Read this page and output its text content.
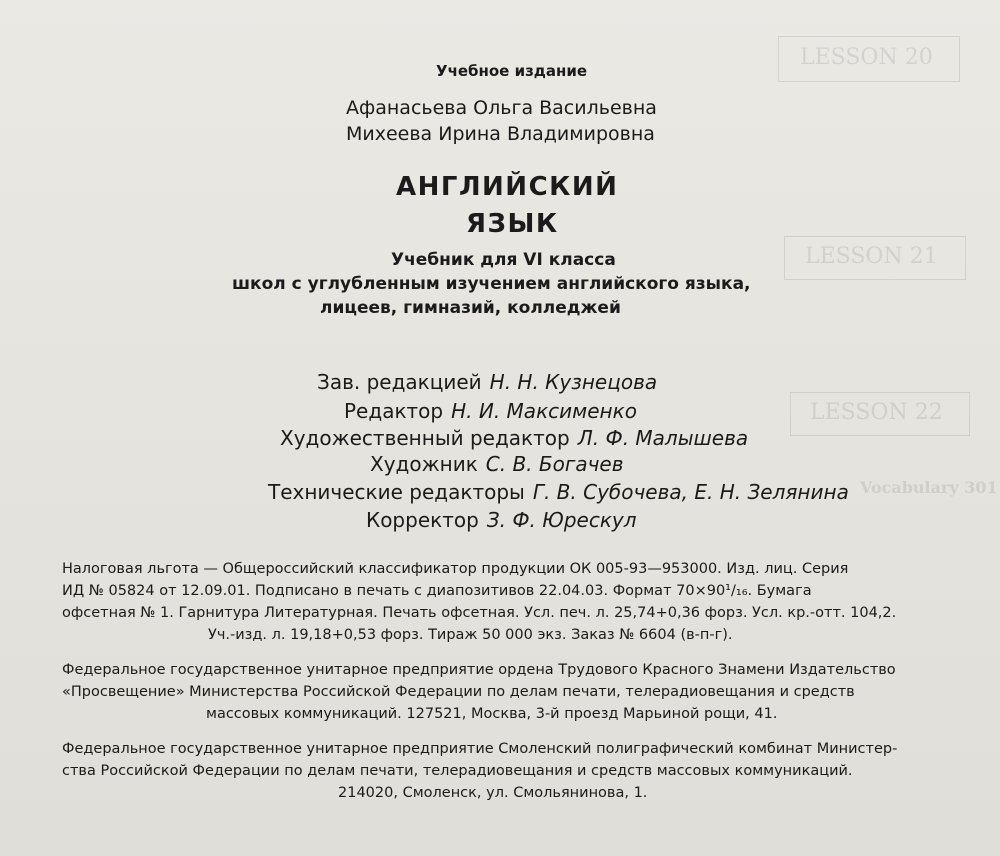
LESSON 20
LESSON 21
LESSON 22
Vocabulary 301
Учебное издание
Афанасьева Ольга Васильевна
Михеева Ирина Владимировна
АНГЛИЙСКИЙ
ЯЗЫК
Учебник для VI класса
школ с углубленным изучением английского языка,
лицеев, гимназий, колледжей
Зав. редакцией Н. Н. Кузнецова
Редактор Н. И. Максименко
Художественный редактор Л. Ф. Малышева
Художник С. В. Богачев
Технические редакторы Г. В. Субочева, Е. Н. Зелянина
Корректор З. Ф. Юрескул
Налоговая льгота — Общероссийский классификатор продукции ОК 005-93—953000. Изд. лиц. Серия
ИД № 05824 от 12.09.01. Подписано в печать с диапозитивов 22.04.03. Формат 70×90¹/₁₆. Бумага
офсетная № 1. Гарнитура Литературная. Печать офсетная. Усл. печ. л. 25,74+0,36 форз. Усл. кр.-отт. 104,2.
Уч.-изд. л. 19,18+0,53 форз. Тираж 50 000 экз. Заказ № 6604 (в-п-г).
Федеральное государственное унитарное предприятие ордена Трудового Красного Знамени Издательство
«Просвещение» Министерства Российской Федерации по делам печати, телерадиовещания и средств
массовых коммуникаций. 127521, Москва, 3-й проезд Марьиной рощи, 41.
Федеральное государственное унитарное предприятие Смоленский полиграфический комбинат Министер-
ства Российской Федерации по делам печати, телерадиовещания и средств массовых коммуникаций.
214020, Смоленск, ул. Смольянинова, 1.
